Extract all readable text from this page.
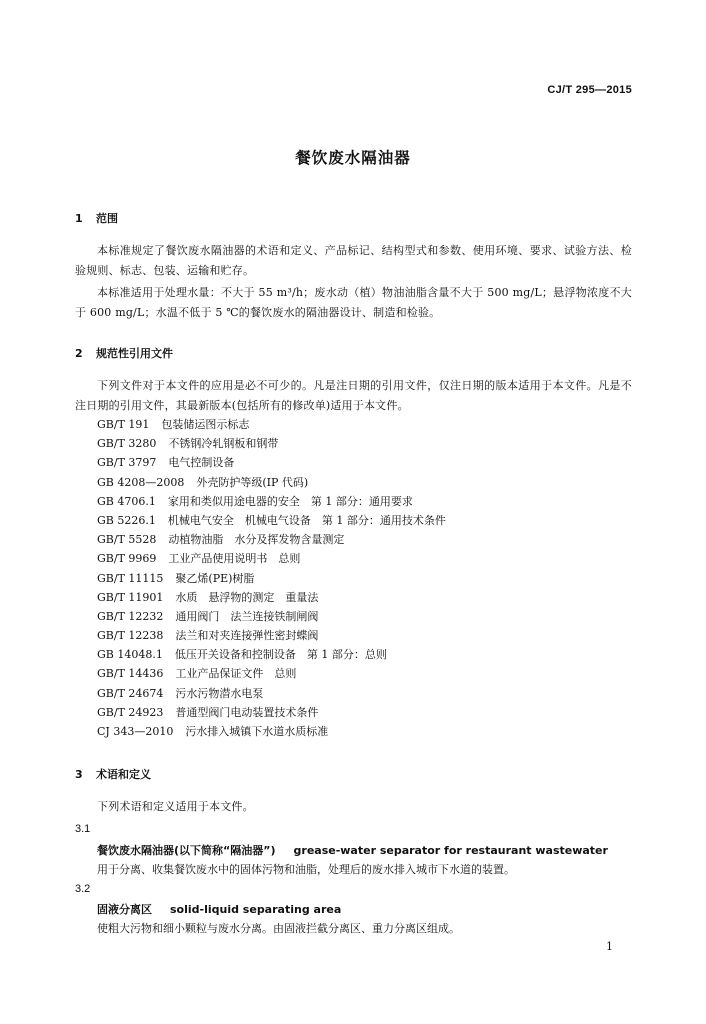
CJ/T 295—2015
餐饮废水隔油器
1 范围
本标准规定了餐饮废水隔油器的术语和定义、产品标记、结构型式和参数、使用环境、要求、试验方法、检验规则、标志、包装、运输和贮存。
本标准适用于处理水量：不大于 55 m³/h；废水动（植）物油油脂含量不大于 500 mg/L；悬浮物浓度不大于 600 mg/L；水温不低于 5 ℃的餐饮废水的隔油器设计、制造和检验。
2 规范性引用文件
下列文件对于本文件的应用是必不可少的。凡是注日期的引用文件，仅注日期的版本适用于本文件。凡是不注日期的引用文件，其最新版本(包括所有的修改单)适用于本文件。
GB/T 191 包装储运图示标志
GB/T 3280 不锈钢冷轧钢板和钢带
GB/T 3797 电气控制设备
GB 4208—2008 外壳防护等级(IP 代码)
GB 4706.1 家用和类似用途电器的安全　第 1 部分：通用要求
GB 5226.1 机械电气安全　机械电气设备　第 1 部分：通用技术条件
GB/T 5528 动植物油脂　水分及挥发物含量测定
GB/T 9969 工业产品使用说明书　总则
GB/T 11115 聚乙烯(PE)树脂
GB/T 11901 水质　悬浮物的测定　重量法
GB/T 12232 通用阀门　法兰连接铁制闸阀
GB/T 12238 法兰和对夹连接弹性密封蝶阀
GB 14048.1 低压开关设备和控制设备　第 1 部分：总则
GB/T 14436 工业产品保证文件　总则
GB/T 24674 污水污物潜水电泵
GB/T 24923 普通型阀门电动装置技术条件
CJ 343—2010 污水排入城镇下水道水质标准
3 术语和定义
下列术语和定义适用于本文件。
3.1
餐饮废水隔油器(以下简称“隔油器”) grease-water separator for restaurant wastewater
用于分离、收集餐饮废水中的固体污物和油脂，处理后的废水排入城市下水道的装置。
3.2
固液分离区 solid-liquid separating area
使粗大污物和细小颗粒与废水分离。由固液拦截分离区、重力分离区组成。
1
